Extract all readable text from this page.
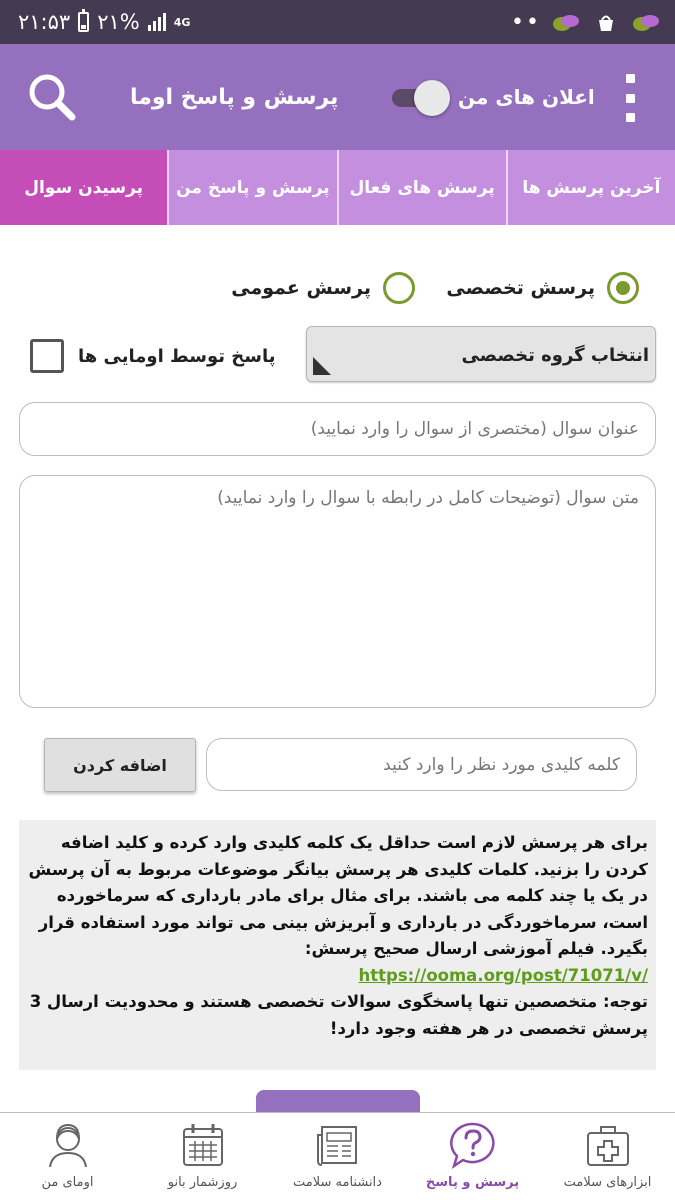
۲۱:۵۳ ۲۱%	4G	••
پرسش و پاسخ اوما	اعلان های من
پرسیدن سوال	پرسش و پاسخ من	پرسش های فعال	آخرین پرسش ها
پرسش تخصصی
پرسش عمومی
انتخاب گروه تخصصی
پاسخ توسط اومایی ها
عنوان سوال (مختصری از سوال را وارد نمایید)
متن سوال (توضیحات کامل در رابطه با سوال را وارد نمایید)
کلمه کلیدی مورد نظر را وارد کنید
اضافه کردن

برای هر پرسش لازم است حداقل یک کلمه کلیدی وارد کرده و کلید اضافه کردن را بزنید. کلمات کلیدی هر پرسش بیانگر موضوعات مربوط به آن پرسش در یک یا چند کلمه می باشند. برای مثال برای مادر بارداری که سرماخورده است، سرماخوردگی در بارداری و آبریزش بینی می تواند مورد استفاده قرار بگیرد. فیلم آموزشی ارسال صحیح پرسش: https://ooma.org/post/71071/v/

توجه: متخصصین تنها پاسخگوی سوالات تخصصی هستند و محدودیت ارسال 3 پرسش تخصصی در هر هفته وجود دارد!

اومای من	روزشمار بانو	دانشنامه سلامت	پرسش و پاسخ	ابزارهای سلامت
